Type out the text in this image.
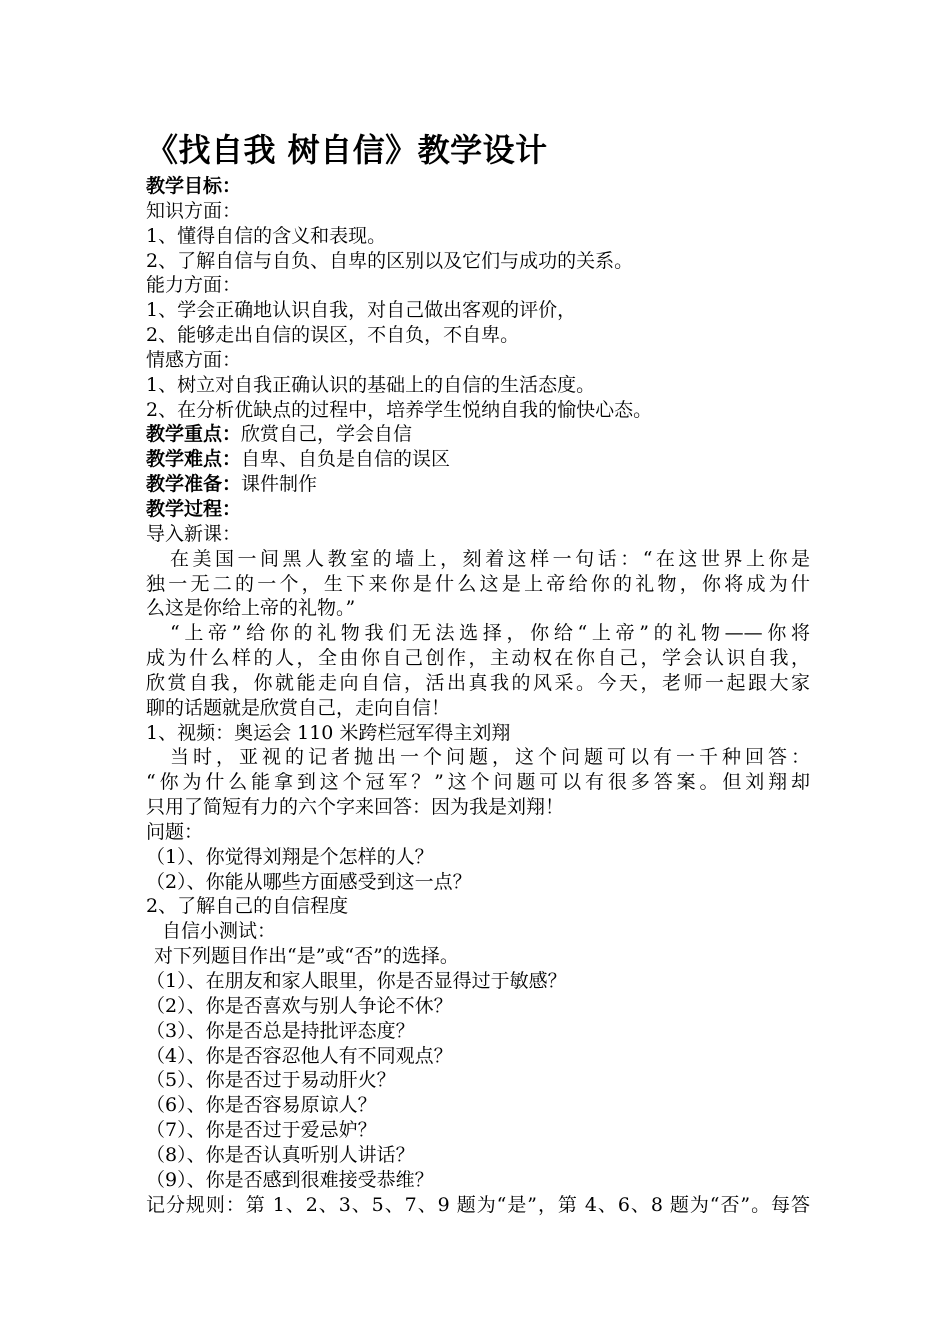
《找自我 树自信》教学设计
教学目标：
知识方面：
1、懂得自信的含义和表现。
2、了解自信与自负、自卑的区别以及它们与成功的关系。
能力方面：
1、学会正确地认识自我，对自己做出客观的评价，
2、能够走出自信的误区，不自负，不自卑。
情感方面：
1、树立对自我正确认识的基础上的自信的生活态度。
2、在分析优缺点的过程中，培养学生悦纳自我的愉快心态。
教学重点：欣赏自己，学会自信
教学难点：自卑、自负是自信的误区
教学准备：课件制作
教学过程：
导入新课：
在美国一间黑人教室的墙上，刻着这样一句话：“在这世界上你是
独一无二的一个，生下来你是什么这是上帝给你的礼物，你将成为什
么这是你给上帝的礼物。”
“上帝”给你的礼物我们无法选择，你给“上帝”的礼物——你将
成为什么样的人，全由你自己创作，主动权在你自己，学会认识自我，
欣赏自我，你就能走向自信，活出真我的风采。今天，老师一起跟大家
聊的话题就是欣赏自己，走向自信！
1、视频：奥运会 110 米跨栏冠军得主刘翔
当时，亚视的记者抛出一个问题，这个问题可以有一千种回答：
“你为什么能拿到这个冠军？”这个问题可以有很多答案。但刘翔却
只用了简短有力的六个字来回答：因为我是刘翔！
问题：
（1）、你觉得刘翔是个怎样的人？
（2）、你能从哪些方面感受到这一点？
2、了解自己的自信程度
自信小测试：
对下列题目作出“是”或“否”的选择。
（1）、在朋友和家人眼里，你是否显得过于敏感？
（2）、你是否喜欢与别人争论不休？
（3）、你是否总是持批评态度？
（4）、你是否容忍他人有不同观点？
（5）、你是否过于易动肝火？
（6）、你是否容易原谅人？
（7）、你是否过于爱忌妒？
（8）、你是否认真听别人讲话？
（9）、你是否感到很难接受恭维？
记分规则：第 1、2、3、5、7、9 题为“是”，第 4、6、8 题为“否”。每答
